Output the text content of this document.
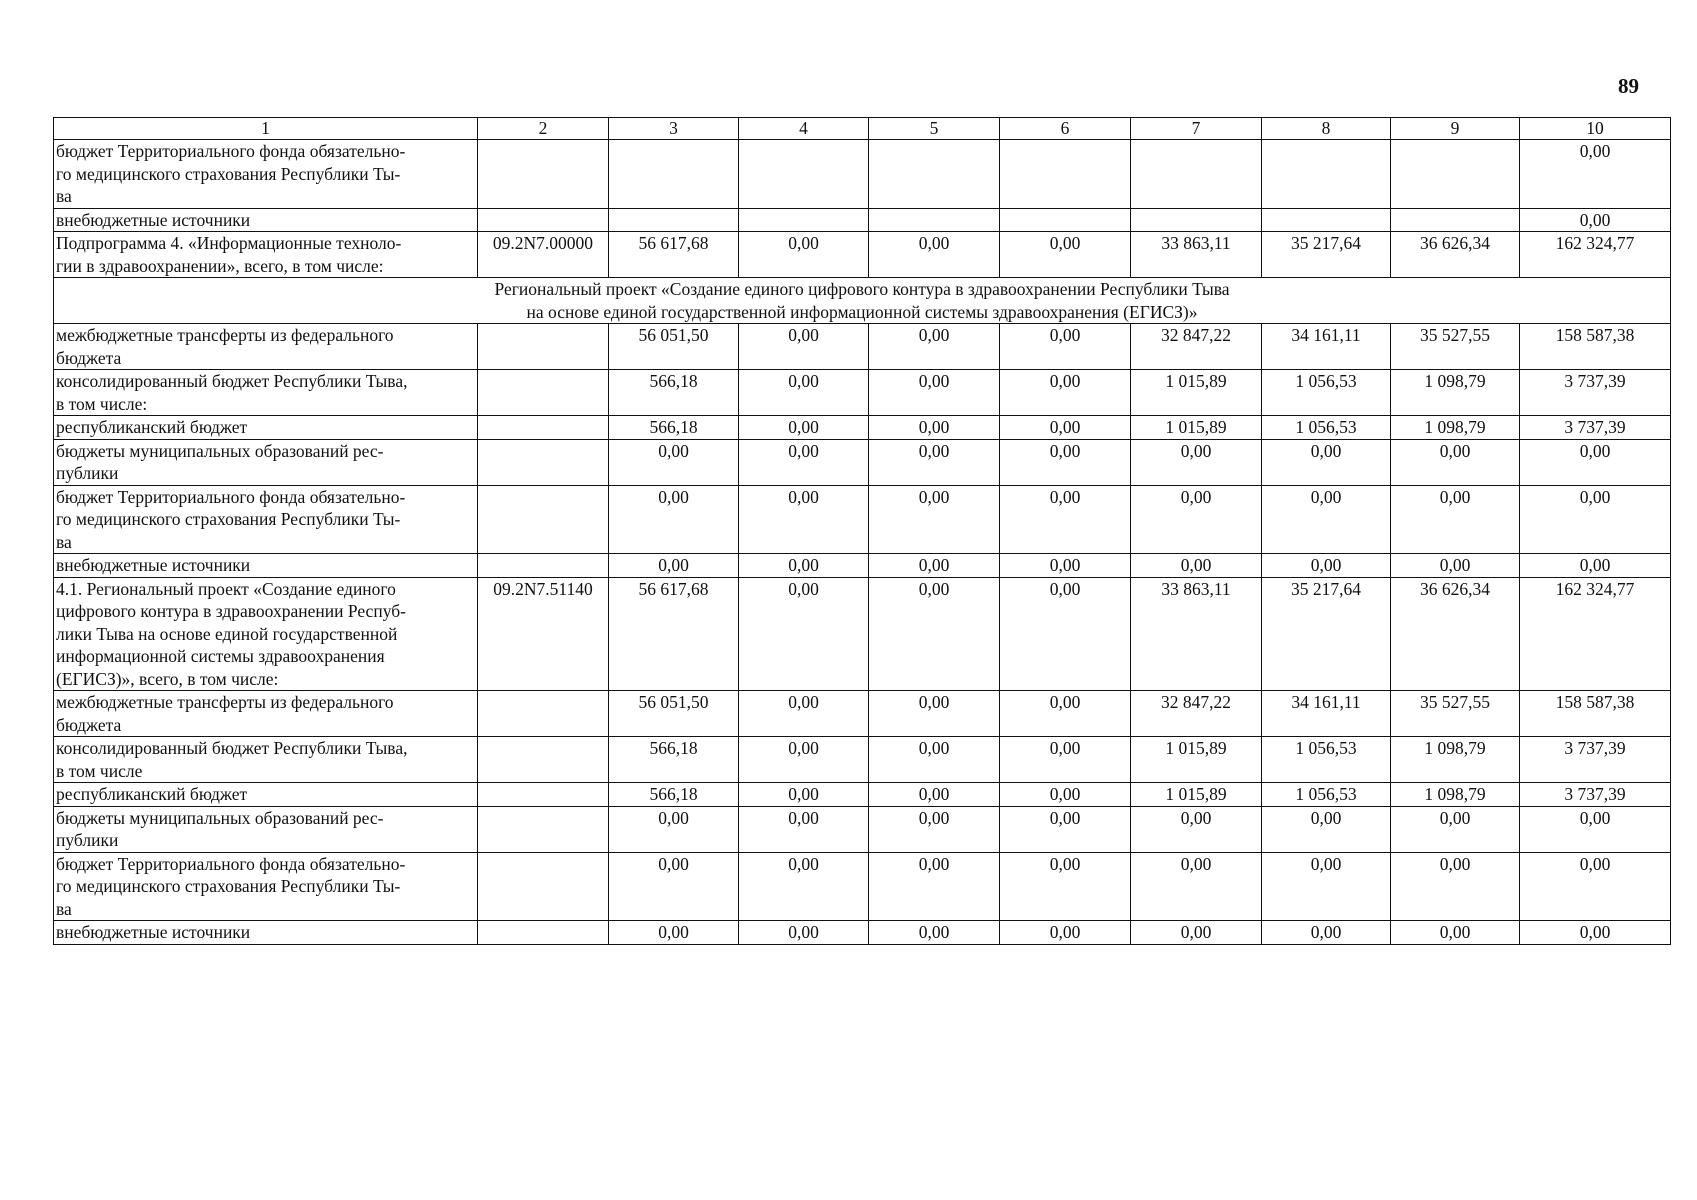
89
1	2	3	4	5	6	7	8	9	10
бюджет Территориального фонда обязательно-
го медицинского страхования Республики Ты-
ва									0,00
внебюджетные источники									0,00
Подпрограмма 4. «Информационные техноло-
гии в здравоохранении», всего, в том числе:	09.2N7.00000	56 617,68	0,00	0,00	0,00	33 863,11	35 217,64	36 626,34	162 324,77
Региональный проект «Создание единого цифрового контура в здравоохранении Республики Тыва
на основе единой государственной информационной системы здравоохранения (ЕГИСЗ)»									
межбюджетные трансферты из федерального
бюджета		56 051,50	0,00	0,00	0,00	32 847,22	34 161,11	35 527,55	158 587,38
консолидированный бюджет Республики Тыва,
в том числе:		566,18	0,00	0,00	0,00	1 015,89	1 056,53	1 098,79	3 737,39
республиканский бюджет		566,18	0,00	0,00	0,00	1 015,89	1 056,53	1 098,79	3 737,39
бюджеты муниципальных образований рес-
публики		0,00	0,00	0,00	0,00	0,00	0,00	0,00	0,00
бюджет Территориального фонда обязательно-
го медицинского страхования Республики Ты-
ва		0,00	0,00	0,00	0,00	0,00	0,00	0,00	0,00
внебюджетные источники		0,00	0,00	0,00	0,00	0,00	0,00	0,00	0,00
4.1. Региональный проект «Создание единого
цифрового контура в здравоохранении Респуб-
лики Тыва на основе единой государственной
информационной системы здравоохранения
(ЕГИСЗ)», всего, в том числе:	09.2N7.51140	56 617,68	0,00	0,00	0,00	33 863,11	35 217,64	36 626,34	162 324,77
межбюджетные трансферты из федерального
бюджета		56 051,50	0,00	0,00	0,00	32 847,22	34 161,11	35 527,55	158 587,38
консолидированный бюджет Республики Тыва,
в том числе		566,18	0,00	0,00	0,00	1 015,89	1 056,53	1 098,79	3 737,39
республиканский бюджет		566,18	0,00	0,00	0,00	1 015,89	1 056,53	1 098,79	3 737,39
бюджеты муниципальных образований рес-
публики		0,00	0,00	0,00	0,00	0,00	0,00	0,00	0,00
бюджет Территориального фонда обязательно-
го медицинского страхования Республики Ты-
ва		0,00	0,00	0,00	0,00	0,00	0,00	0,00	0,00
внебюджетные источники		0,00	0,00	0,00	0,00	0,00	0,00	0,00	0,00
